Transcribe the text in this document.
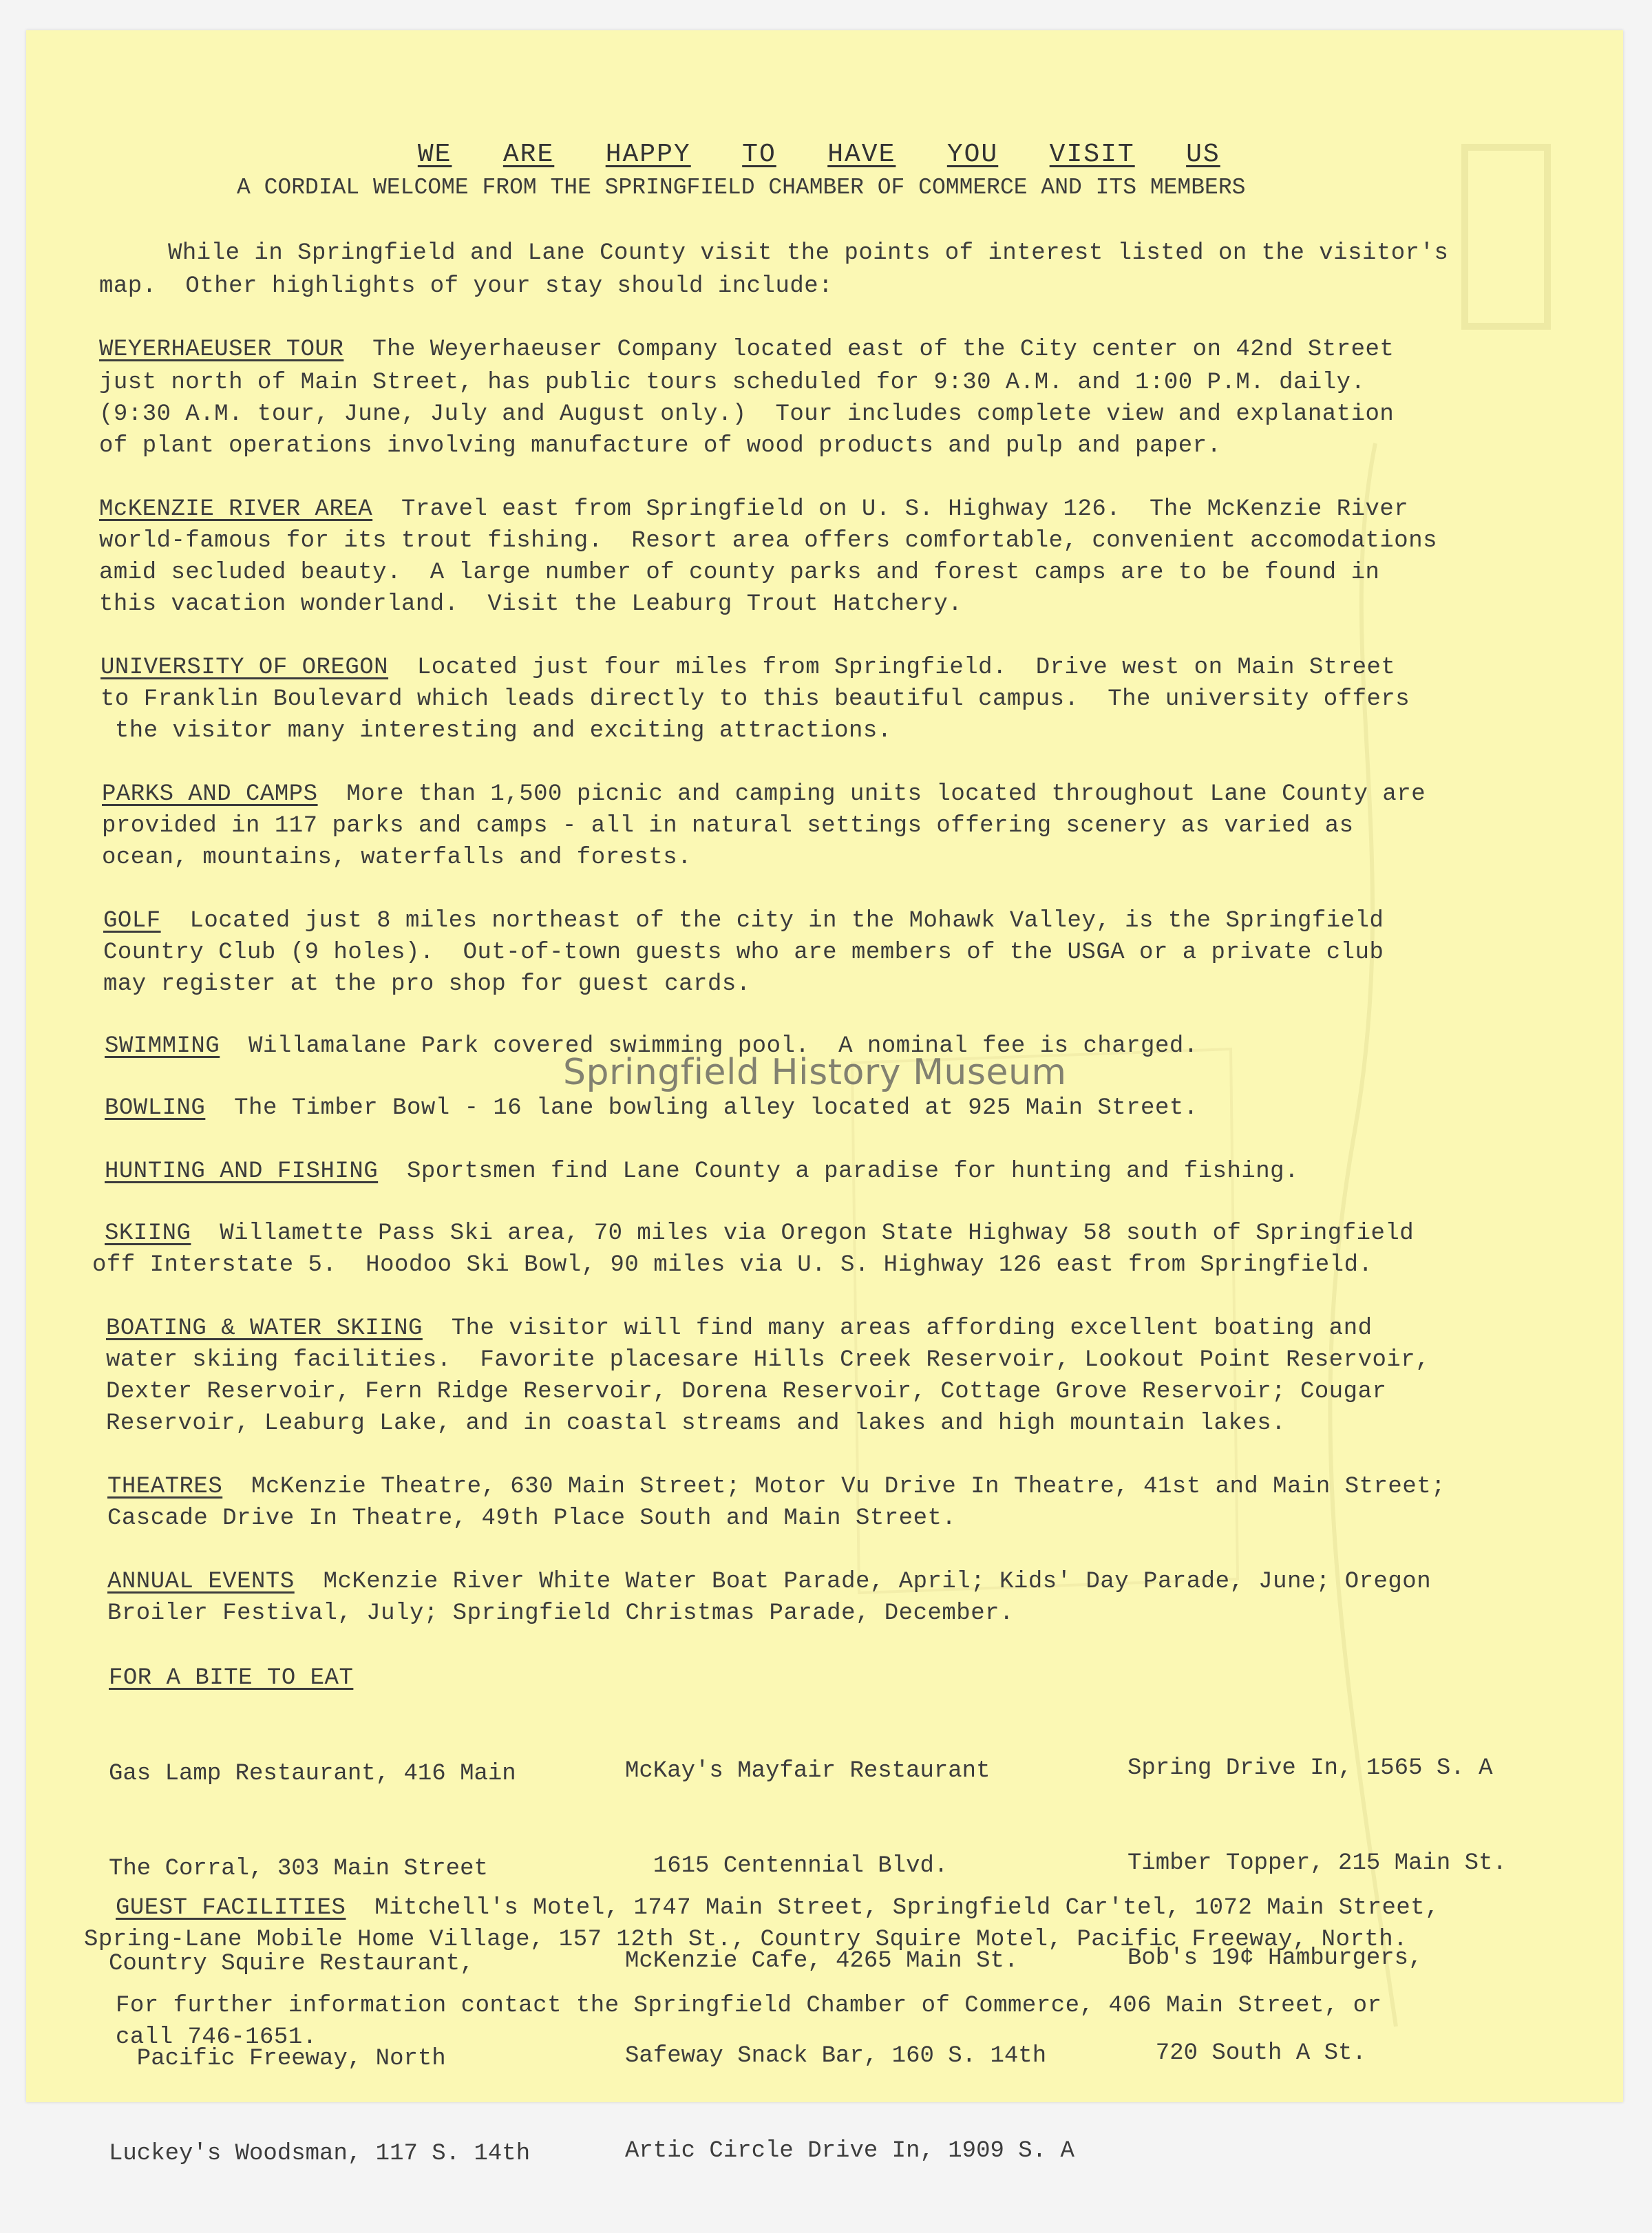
WE ARE HAPPY TO HAVE YOU VISIT US

A CORDIAL WELCOME FROM THE SPRINGFIELD CHAMBER OF COMMERCE AND ITS MEMBERS
While in Springfield and Lane County visit the points of interest listed on the visitor's
map.  Other highlights of your stay should include:
WEYERHAEUSER TOUR The Weyerhaeuser Company located east of the City center on 42nd Street
just north of Main Street, has public tours scheduled for 9:30 A.M. and 1:00 P.M. daily.
(9:30 A.M. tour, June, July and August only.)  Tour includes complete view and explanation
of plant operations involving manufacture of wood products and pulp and paper.
McKENZIE RIVER AREA Travel east from Springfield on U. S. Highway 126.  The McKenzie River
world-famous for its trout fishing.  Resort area offers comfortable, convenient accomodations
amid secluded beauty.  A large number of county parks and forest camps are to be found in
this vacation wonderland.  Visit the Leaburg Trout Hatchery.
UNIVERSITY OF OREGON Located just four miles from Springfield.  Drive west on Main Street
to Franklin Boulevard which leads directly to this beautiful campus.  The university offers
the visitor many interesting and exciting attractions.
PARKS AND CAMPS More than 1,500 picnic and camping units located throughout Lane County are
provided in 117 parks and camps - all in natural settings offering scenery as varied as
ocean, mountains, waterfalls and forests.
GOLF Located just 8 miles northeast of the city in the Mohawk Valley, is the Springfield
Country Club (9 holes).  Out-of-town guests who are members of the USGA or a private club
may register at the pro shop for guest cards.
SWIMMING Willamalane Park covered swimming pool.  A nominal fee is charged.
BOWLING The Timber Bowl - 16 lane bowling alley located at 925 Main Street.
HUNTING AND FISHING Sportsmen find Lane County a paradise for hunting and fishing.
SKIING Willamette Pass Ski area, 70 miles via Oregon State Highway 58 south of Springfield
off Interstate 5.  Hoodoo Ski Bowl, 90 miles via U. S. Highway 126 east from Springfield.
BOATING & WATER SKIING The visitor will find many areas affording excellent boating and
water skiing facilities.  Favorite placesare Hills Creek Reservoir, Lookout Point Reservoir,
Dexter Reservoir, Fern Ridge Reservoir, Dorena Reservoir, Cottage Grove Reservoir; Cougar
Reservoir, Leaburg Lake, and in coastal streams and lakes and high mountain lakes.
THEATRES McKenzie Theatre, 630 Main Street; Motor Vu Drive In Theatre, 41st and Main Street;
Cascade Drive In Theatre, 49th Place South and Main Street.
ANNUAL EVENTS McKenzie River White Water Boat Parade, April; Kids' Day Parade, June; Oregon
Broiler Festival, July; Springfield Christmas Parade, December.
FOR A BITE TO EAT

Gas Lamp Restaurant, 416 Main

The Corral, 303 Main Street

Country Squire Restaurant,

Pacific Freeway, North

Luckey's Woodsman, 117 S. 14th

McKay's Mayfair Restaurant

1615 Centennial Blvd.

McKenzie Cafe, 4265 Main St.

Safeway Snack Bar, 160 S. 14th

Artic Circle Drive In, 1909 S. A

Spring Drive In, 1565 S. A

Timber Topper, 215 Main St.

Bob's 19¢ Hamburgers,

720 South A St.

GUEST FACILITIES Mitchell's Motel, 1747 Main Street, Springfield Car'tel, 1072 Main Street,
Spring-Lane Mobile Home Village, 157 12th St., Country Squire Motel, Pacific Freeway, North.
For further information contact the Springfield Chamber of Commerce, 406 Main Street, or
call 746-1651.
Springfield History Museum
